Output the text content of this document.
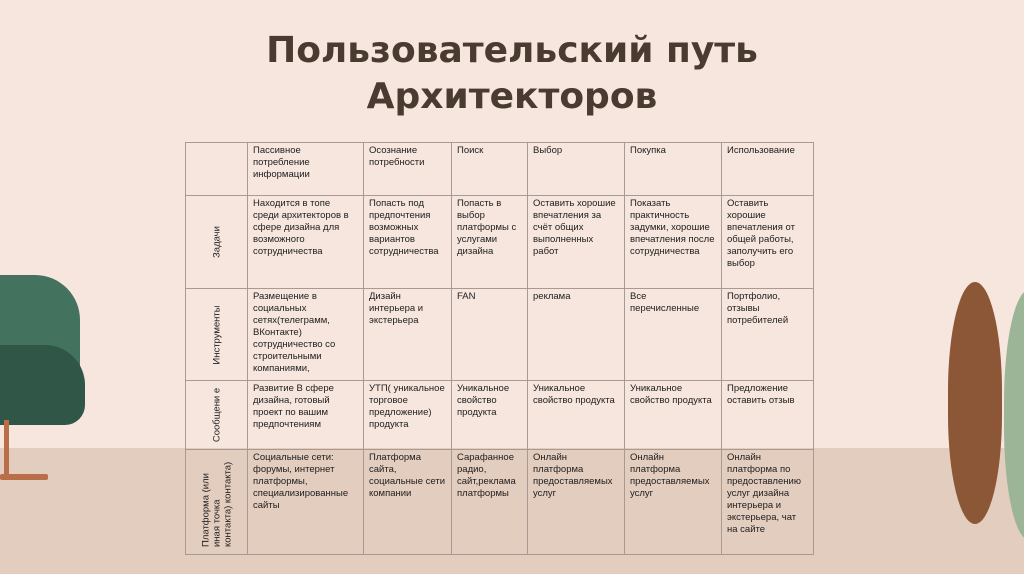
Пользовательский путь
Архитекторов
	Пассивное потребление информации	Осознание потребности	Поиск	Выбор	Покупка	Использование

Задачи	Находится в топе среди архитекторов в сфере дизайна для возможного сотрудничества	Попасть под предпочтения возможных вариантов сотрудничества	Попасть в выбор платформы с услугами дизайна	Оставить хорошие впечатления за счёт общих выполненных работ	Показать практичность задумки, хорошие впечатления после сотрудничества	Оставить хорошие впечатления от общей работы, заполучить его выбор

Инструменты	Размещение в социальных сетях(телеграмм, ВКонтакте) сотрудничество со строительными компаниями,	Дизайн интерьера и экстерьера	FAN	реклама	Все перечисленные	Портфолио, отзывы потребителей

Сообщени е	Развитие В сфере дизайна, готовый проект по вашим предпочтениям	УТП( уникальное торговое предложение) продукта	Уникальное свойство продукта	Уникальное свойство продукта	Уникальное свойство продукта	Предложение оставить отзыв

Платформа (или иная точка контакта) контакта)	Социальные сети: форумы, интернет платформы, специализированные сайты	Платформа сайта, социальные сети компании	Сарафанное радио, сайт,реклама платформы	Онлайн платформа предоставляемых услуг	Онлайн платформа предоставляемых услуг	Онлайн платформа по предоставлению услуг дизайна интерьера и экстерьера, чат на сайте
